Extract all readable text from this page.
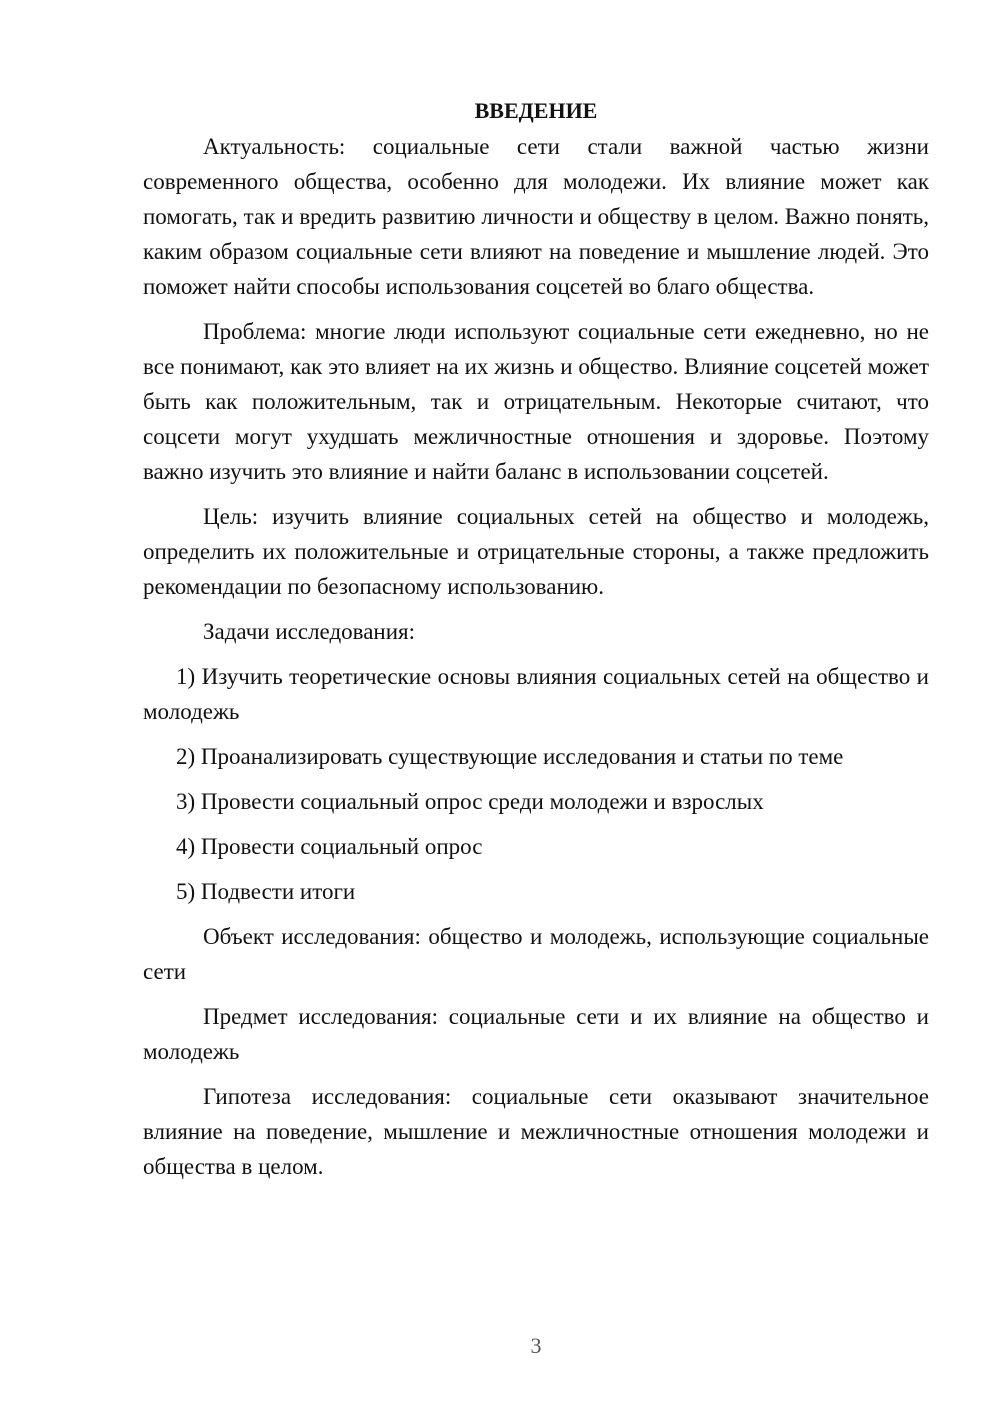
ВВЕДЕНИЕ

Актуальность: социальные сети стали важной частью жизни современного общества, особенно для молодежи. Их влияние может как помогать, так и вредить развитию личности и обществу в целом. Важно понять, каким образом социальные сети влияют на поведение и мышление людей. Это поможет найти способы использования соцсетей во благо общества.

Проблема: многие люди используют социальные сети ежедневно, но не все понимают, как это влияет на их жизнь и общество. Влияние соцсетей может быть как положительным, так и отрицательным. Некоторые считают, что соцсети могут ухудшать межличностные отношения и здоровье. Поэтому важно изучить это влияние и найти баланс в использовании соцсетей.

Цель: изучить влияние социальных сетей на общество и молодежь, определить их положительные и отрицательные стороны, а также предложить рекомендации по безопасному использованию.

Задачи исследования:

1) Изучить теоретические основы влияния социальных сетей на общество и молодежь

2) Проанализировать существующие исследования и статьи по теме

3) Провести социальный опрос среди молодежи и взрослых

4) Провести социальный опрос

5) Подвести итоги

Объект исследования: общество и молодежь, использующие социальные сети

Предмет исследования: социальные сети и их влияние на общество и молодежь

Гипотеза исследования: социальные сети оказывают значительное влияние на поведение, мышление и межличностные отношения молодежи и общества в целом.

3
